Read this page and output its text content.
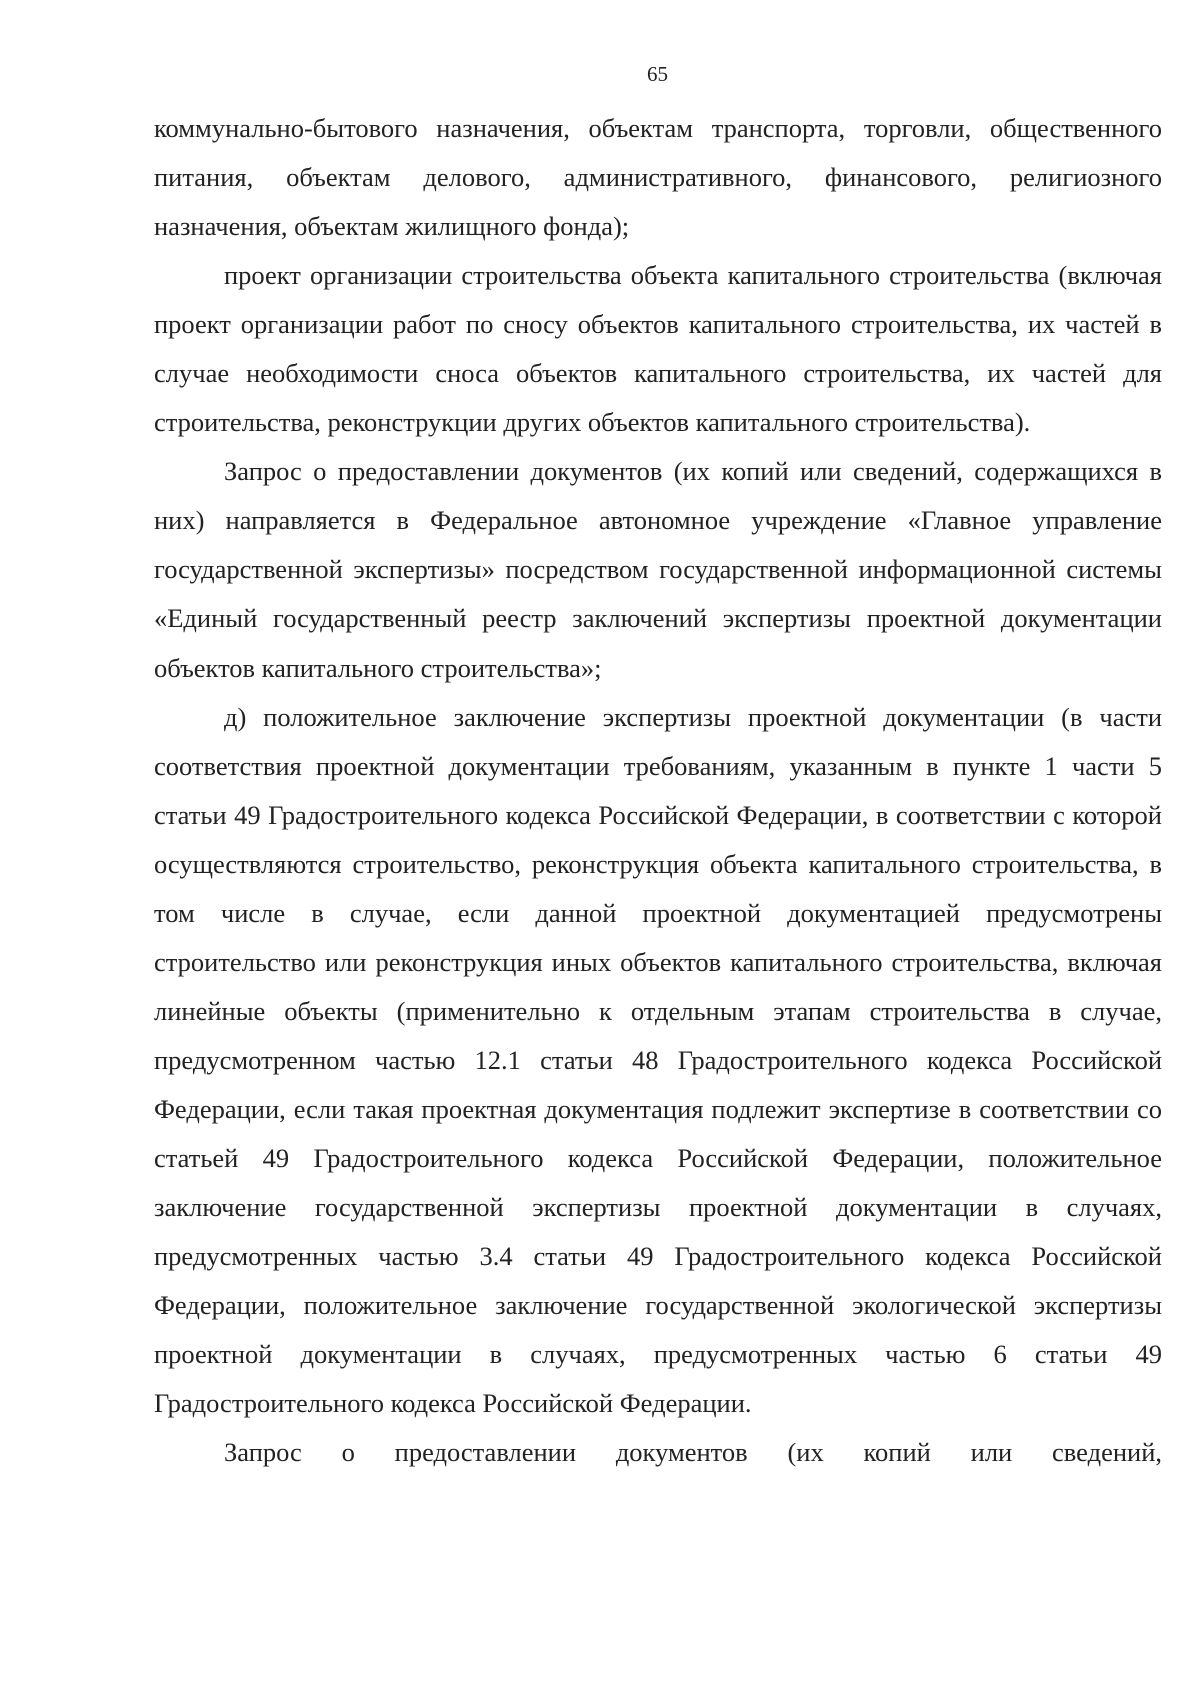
65

коммунально-бытового назначения, объектам транспорта, торговли, общественного питания, объектам делового, административного, финансового, религиозного назначения, объектам жилищного фонда);

проект организации строительства объекта капитального строительства (включая проект организации работ по сносу объектов капитального строительства, их частей в случае необходимости сноса объектов капитального строительства, их частей для строительства, реконструкции других объектов капитального строительства).

Запрос о предоставлении документов (их копий или сведений, содержащихся в них) направляется в Федеральное автономное учреждение «Главное управление государственной экспертизы» посредством государственной информационной системы «Единый государственный реестр заключений экспертизы проектной документации объектов капитального строительства»;

д) положительное заключение экспертизы проектной документации (в части соответствия проектной документации требованиям, указанным в пункте 1 части 5 статьи 49 Градостроительного кодекса Российской Федерации, в соответствии с которой осуществляются строительство, реконструкция объекта капитального строительства, в том числе в случае, если данной проектной документацией предусмотрены строительство или реконструкция иных объектов капитального строительства, включая линейные объекты (применительно к отдельным этапам строительства в случае, предусмотренном частью 12.1 статьи 48 Градостроительного кодекса Российской Федерации, если такая проектная документация подлежит экспертизе в соответствии со статьей 49 Градостроительного кодекса Российской Федерации, положительное заключение государственной экспертизы проектной документации в случаях, предусмотренных частью 3.4 статьи 49 Градостроительного кодекса Российской Федерации, положительное заключение государственной экологической экспертизы проектной документации в случаях, предусмотренных частью 6 статьи 49 Градостроительного кодекса Российской Федерации.

Запрос о предоставлении документов (их копий или сведений,
